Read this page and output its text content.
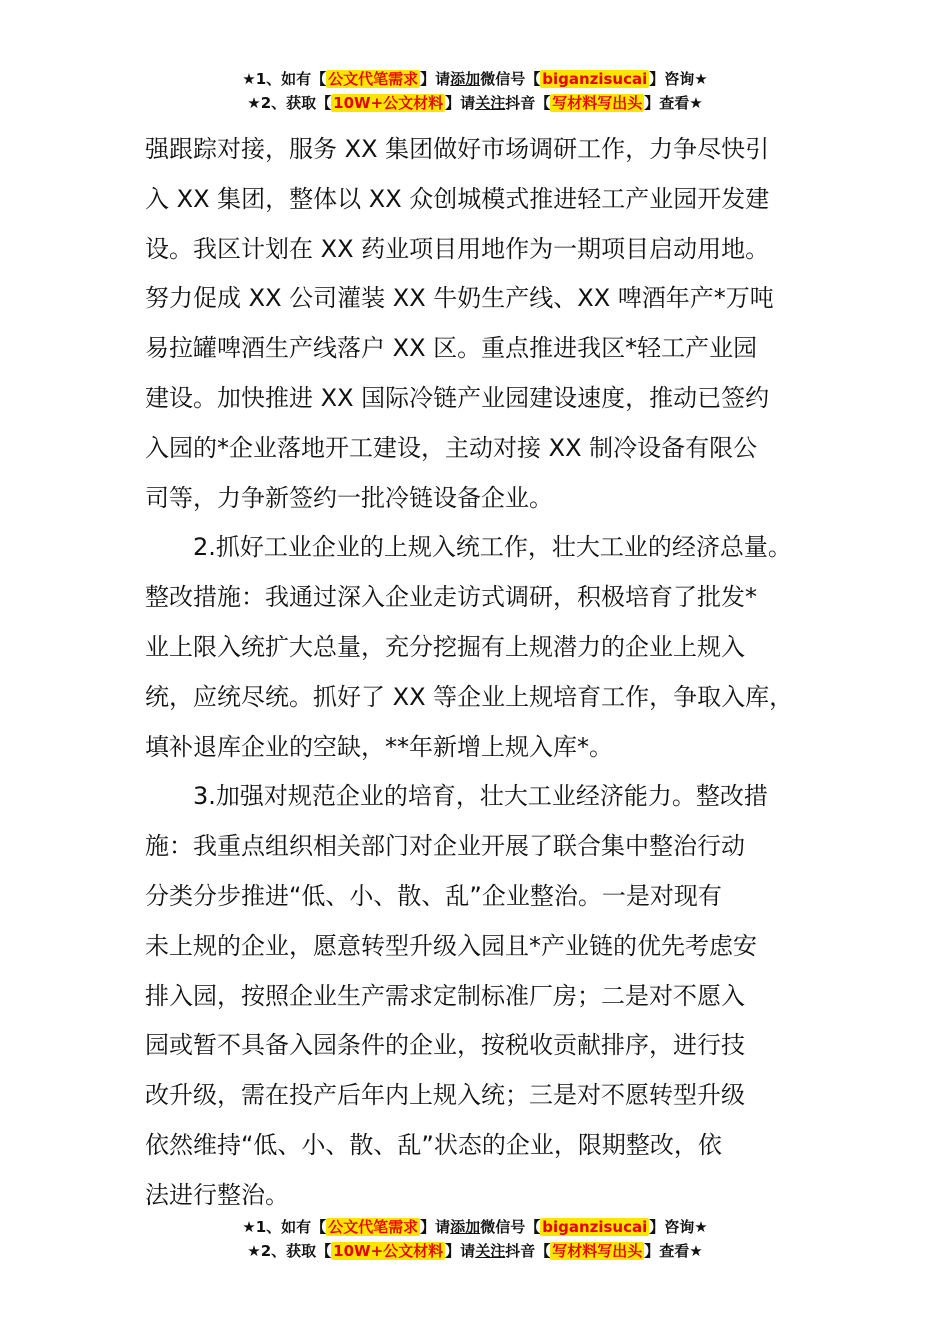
★1、如有【 公文代笔需求 】请添加微信号【 biganzisucai 】咨询★
★2、获取【 10W+公文材料 】请关注抖音【 写材料写出头 】查看★

强跟踪对接，服务 XX 集团做好市场调研工作，力争尽快引

入 XX 集团，整体以 XX 众创城模式推进轻工产业园开发建

设。我区计划在 XX 药业项目用地作为一期项目启动用地。

努力促成 XX 公司灌装 XX 牛奶生产线、XX 啤酒年产*万吨

易拉罐啤酒生产线落户 XX 区。重点推进我区*轻工产业园

建设。加快推进 XX 国际冷链产业园建设速度，推动已签约

入园的*企业落地开工建设，主动对接 XX 制冷设备有限公

司等，力争新签约一批冷链设备企业。

2.抓好工业企业的上规入统工作，壮大工业的经济总量。

整改措施：我通过深入企业走访式调研，积极培育了批发*

业上限入统扩大总量，充分挖掘有上规潜力的企业上规入

统，应统尽统。抓好了 XX 等企业上规培育工作，争取入库，

填补退库企业的空缺，**年新增上规入库*。

3.加强对规范企业的培育，壮大工业经济能力。整改措

施：我重点组织相关部门对企业开展了联合集中整治行动

分类分步推进“低、小、散、乱”企业整治。一是对现有

未上规的企业，愿意转型升级入园且*产业链的优先考虑安

排入园，按照企业生产需求定制标准厂房；二是对不愿入

园或暂不具备入园条件的企业，按税收贡献排序，进行技

改升级，需在投产后年内上规入统；三是对不愿转型升级

依然维持“低、小、散、乱”状态的企业，限期整改，依

法进行整治。

★1、如有【 公文代笔需求 】请添加微信号【 biganzisucai 】咨询★
★2、获取【 10W+公文材料 】请关注抖音【 写材料写出头 】查看★
